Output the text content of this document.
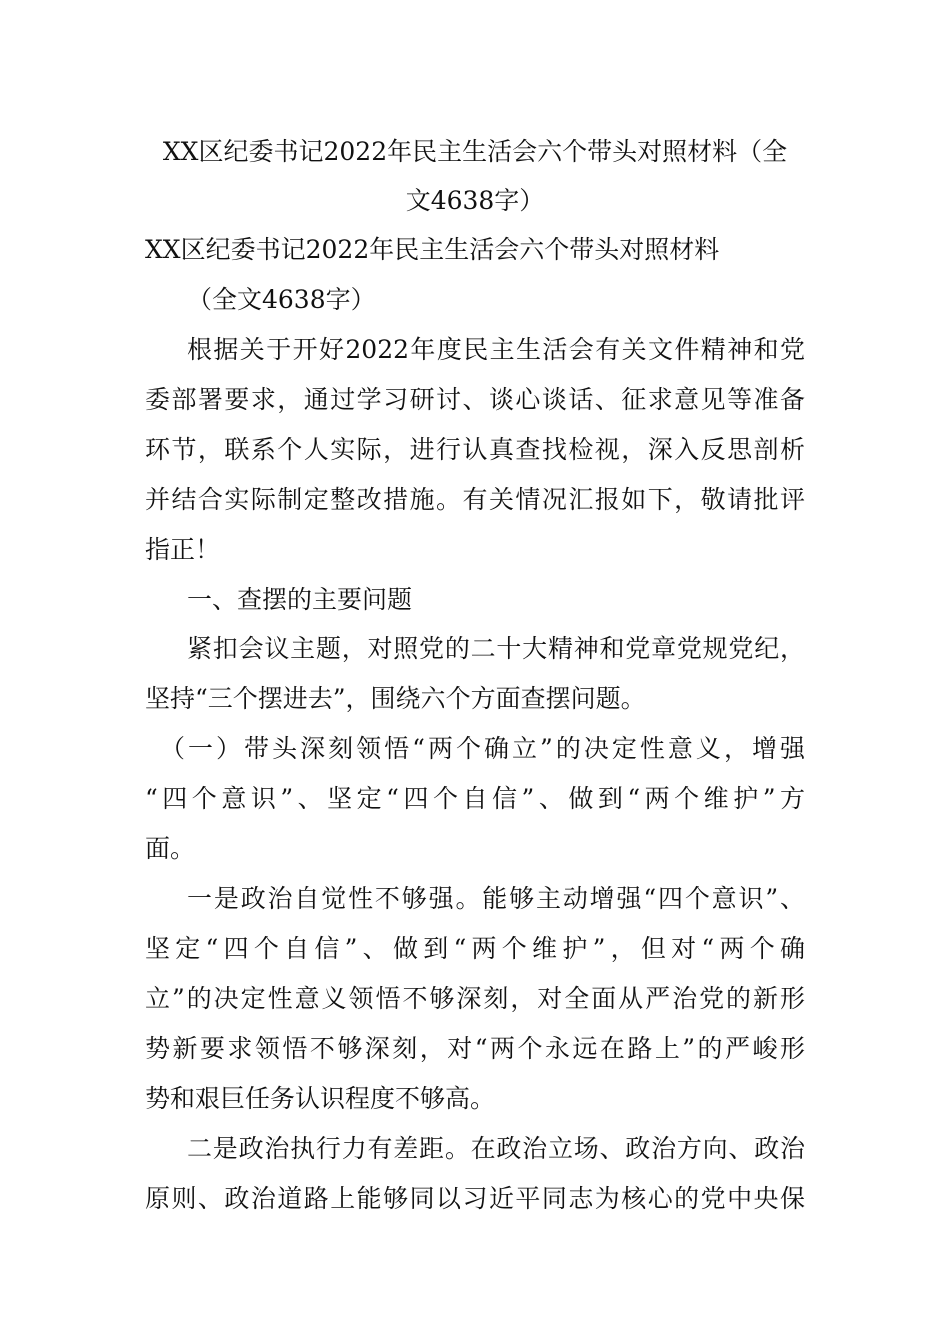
XX区纪委书记2022年民主生活会六个带头对照材料（全
文4638字）
XX区纪委书记2022年民主生活会六个带头对照材料
（全文4638字）
根据关于开好2022年度民主生活会有关文件精神和党
委部署要求，通过学习研讨、谈心谈话、征求意见等准备
环节，联系个人实际，进行认真查找检视，深入反思剖析
并结合实际制定整改措施。有关情况汇报如下，敬请批评
指正！
一、查摆的主要问题
紧扣会议主题，对照党的二十大精神和党章党规党纪，
坚持“三个摆进去”，围绕六个方面查摆问题。
（一）带头深刻领悟“两个确立”的决定性意义，增强
“四个意识”、坚定“四个自信”、做到“两个维护”方
面。
一是政治自觉性不够强。能够主动增强“四个意识”、
坚定“四个自信”、做到“两个维护”，但对“两个确
立”的决定性意义领悟不够深刻，对全面从严治党的新形
势新要求领悟不够深刻，对“两个永远在路上”的严峻形
势和艰巨任务认识程度不够高。
二是政治执行力有差距。在政治立场、政治方向、政治
原则、政治道路上能够同以习近平同志为核心的党中央保
